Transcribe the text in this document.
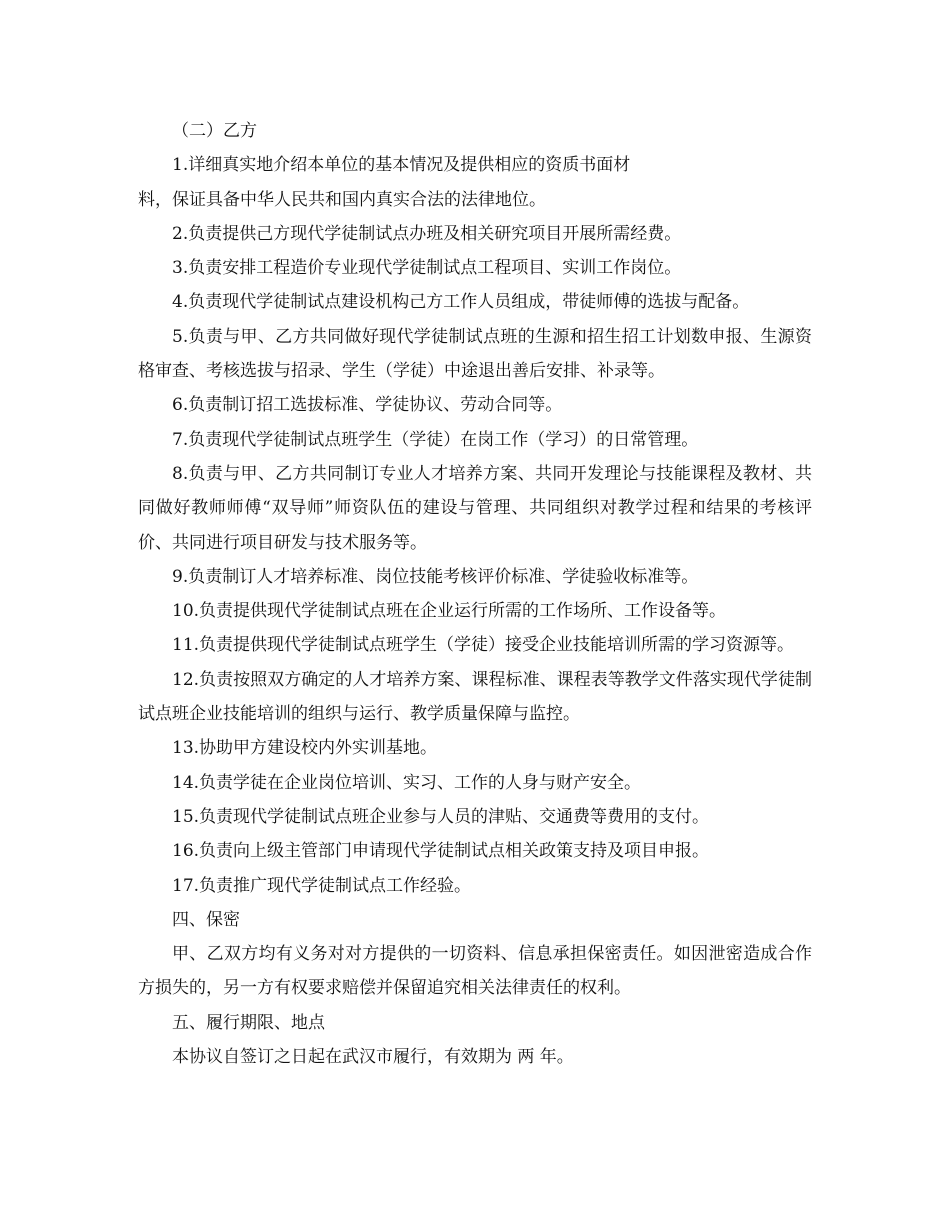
（二）乙方

1.详细真实地介绍本单位的基本情况及提供相应的资质书面材

料，保证具备中华人民共和国内真实合法的法律地位。

2.负责提供己方现代学徒制试点办班及相关研究项目开展所需经费。

3.负责安排工程造价专业现代学徒制试点工程项目、实训工作岗位。

4.负责现代学徒制试点建设机构己方工作人员组成，带徒师傅的选拔与配备。

5.负责与甲、乙方共同做好现代学徒制试点班的生源和招生招工计划数申报、生源资格审查、考核选拔与招录、学生（学徒）中途退出善后安排、补录等。

6.负责制订招工选拔标准、学徒协议、劳动合同等。

7.负责现代学徒制试点班学生（学徒）在岗工作（学习）的日常管理。

8.负责与甲、乙方共同制订专业人才培养方案、共同开发理论与技能课程及教材、共同做好教师师傅“双导师”师资队伍的建设与管理、共同组织对教学过程和结果的考核评价、共同进行项目研发与技术服务等。

9.负责制订人才培养标准、岗位技能考核评价标准、学徒验收标准等。

10.负责提供现代学徒制试点班在企业运行所需的工作场所、工作设备等。

11.负责提供现代学徒制试点班学生（学徒）接受企业技能培训所需的学习资源等。

12.负责按照双方确定的人才培养方案、课程标准、课程表等教学文件落实现代学徒制试点班企业技能培训的组织与运行、教学质量保障与监控。

13.协助甲方建设校内外实训基地。

14.负责学徒在企业岗位培训、实习、工作的人身与财产安全。

15.负责现代学徒制试点班企业参与人员的津贴、交通费等费用的支付。

16.负责向上级主管部门申请现代学徒制试点相关政策支持及项目申报。

17.负责推广现代学徒制试点工作经验。

四、保密

甲、乙双方均有义务对对方提供的一切资料、信息承担保密责任。如因泄密造成合作方损失的，另一方有权要求赔偿并保留追究相关法律责任的权利。

五、履行期限、地点

本协议自签订之日起在武汉市履行，有效期为 两 年。
